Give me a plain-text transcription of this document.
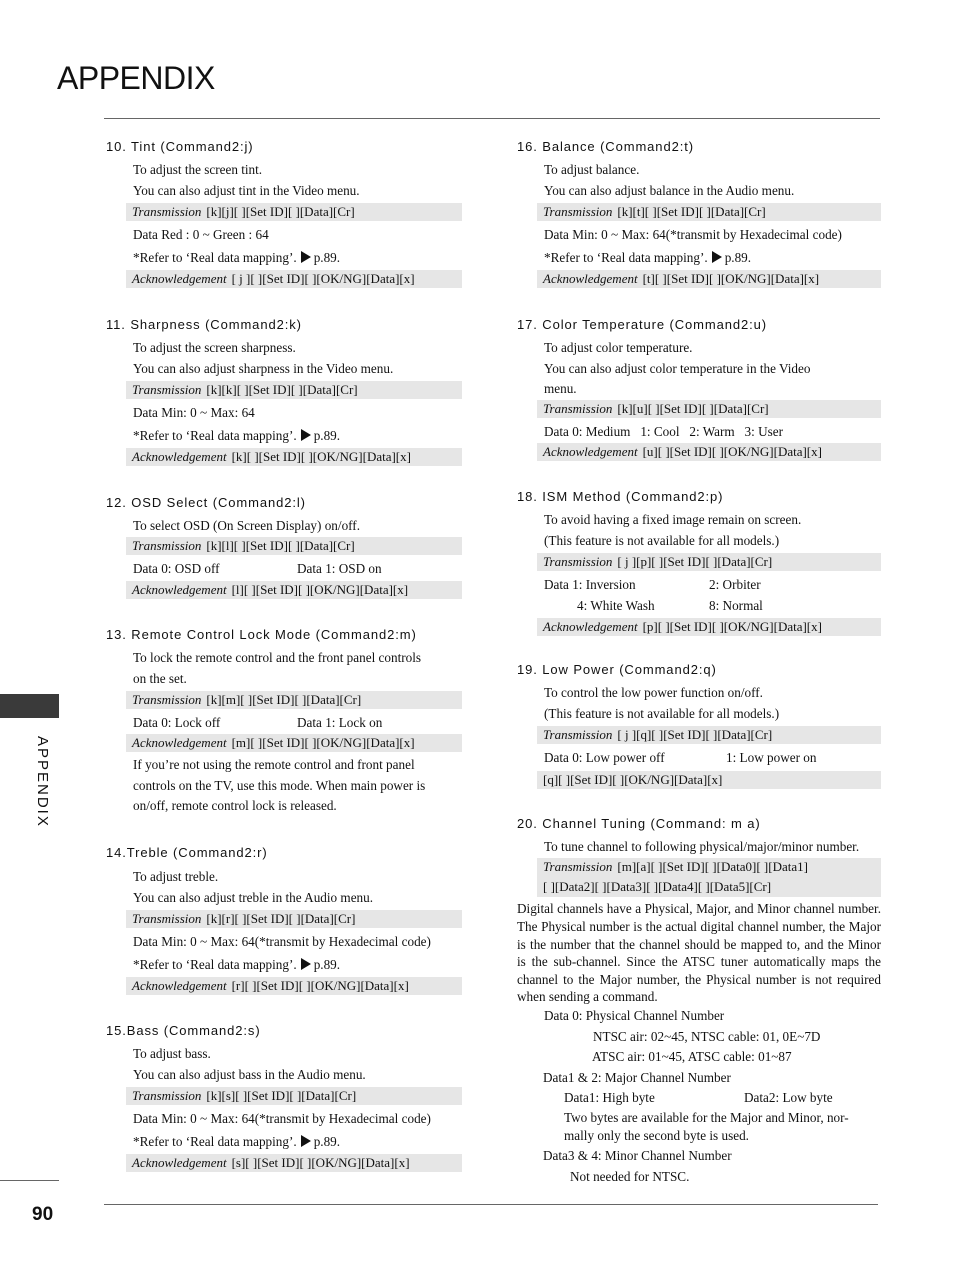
APPENDIX
APPENDIX
90
10. Tint (Command2:j)
To adjust the screen tint.
You can also adjust tint in the Video menu.
Transmission [k][j][ ][Set ID][ ][Data][Cr]
Data Red : 0 ~ Green : 64
*Refer to ‘Real data mapping’. p.89.
Acknowledgement [ j ][ ][Set ID][ ][OK/NG][Data][x]
11. Sharpness (Command2:k)
To adjust the screen sharpness.
You can also adjust sharpness in the Video menu.
Transmission [k][k][ ][Set ID][ ][Data][Cr]
Data Min: 0 ~ Max: 64
*Refer to ‘Real data mapping’. p.89.
Acknowledgement [k][ ][Set ID][ ][OK/NG][Data][x]
12. OSD Select (Command2:l)
To select OSD (On Screen Display) on/off.
Transmission [k][l][ ][Set ID][ ][Data][Cr]
Data 0: OSD off	Data 1: OSD on
Acknowledgement [l][ ][Set ID][ ][OK/NG][Data][x]
13. Remote Control Lock Mode (Command2:m)
To lock the remote control and the front panel controls
on the set.
Transmission [k][m][ ][Set ID][ ][Data][Cr]
Data 0: Lock off	Data 1: Lock on
Acknowledgement [m][ ][Set ID][ ][OK/NG][Data][x]
If you’re not using the remote control and front panel
controls on the TV, use this mode. When main power is
on/off, remote control lock is released.
14.Treble (Command2:r)
To adjust treble.
You can also adjust treble in the Audio menu.
Transmission [k][r][ ][Set ID][ ][Data][Cr]
Data Min: 0 ~ Max: 64(*transmit by Hexadecimal code)
*Refer to ‘Real data mapping’. p.89.
Acknowledgement [r][ ][Set ID][ ][OK/NG][Data][x]
15.Bass (Command2:s)
To adjust bass.
You can also adjust bass in the Audio menu.
Transmission [k][s][ ][Set ID][ ][Data][Cr]
Data Min: 0 ~ Max: 64(*transmit by Hexadecimal code)
*Refer to ‘Real data mapping’. p.89.
Acknowledgement [s][ ][Set ID][ ][OK/NG][Data][x]
16. Balance (Command2:t)
To adjust balance.
You can also adjust balance in the Audio menu.
Transmission [k][t][ ][Set ID][ ][Data][Cr]
Data Min: 0 ~ Max: 64(*transmit by Hexadecimal code)
*Refer to ‘Real data mapping’. p.89.
Acknowledgement [t][ ][Set ID][ ][OK/NG][Data][x]
17. Color Temperature (Command2:u)
To adjust color temperature.
You can also adjust color temperature in the Video
menu.
Transmission [k][u][ ][Set ID][ ][Data][Cr]
Data 0: Medium   1: Cool   2: Warm   3: User
Acknowledgement [u][ ][Set ID][ ][OK/NG][Data][x]
18. ISM Method (Command2:p)
To avoid having a fixed image remain on screen.
(This feature is not available for all models.)
Transmission [ j ][p][ ][Set ID][ ][Data][Cr]
Data 1: Inversion	2: Orbiter
4: White Wash	8: Normal
Acknowledgement [p][ ][Set ID][ ][OK/NG][Data][x]
19. Low Power (Command2:q)
To control the low power function on/off.
(This feature is not available for all models.)
Transmission [ j ][q][ ][Set ID][ ][Data][Cr]
Data 0: Low power off	1: Low power on
[q][ ][Set ID][ ][OK/NG][Data][x]
20. Channel Tuning (Command: m a)
To tune channel to following physical/major/minor number.
Transmission [m][a][ ][Set ID][ ][Data0][ ][Data1]
[ ][Data2][ ][Data3][ ][Data4][ ][Data5][Cr]
Digital channels have a Physical, Major, and Minor channel number. The Physical number is the actual digital channel number, the Major is the number that the channel should be mapped to, and the Minor is the sub-channel. Since the ATSC tuner automatically maps the channel to the Major number, the Physical number is not required when sending a command.
Data 0: Physical Channel Number
NTSC air: 02~45, NTSC cable: 01, 0E~7D
ATSC air: 01~45, ATSC cable: 01~87
Data1 & 2: Major Channel Number
Data1: High byte	Data2: Low byte
Two bytes are available for the Major and Minor, nor-
mally only the second byte is used.
Data3 & 4: Minor Channel Number
Not needed for NTSC.
